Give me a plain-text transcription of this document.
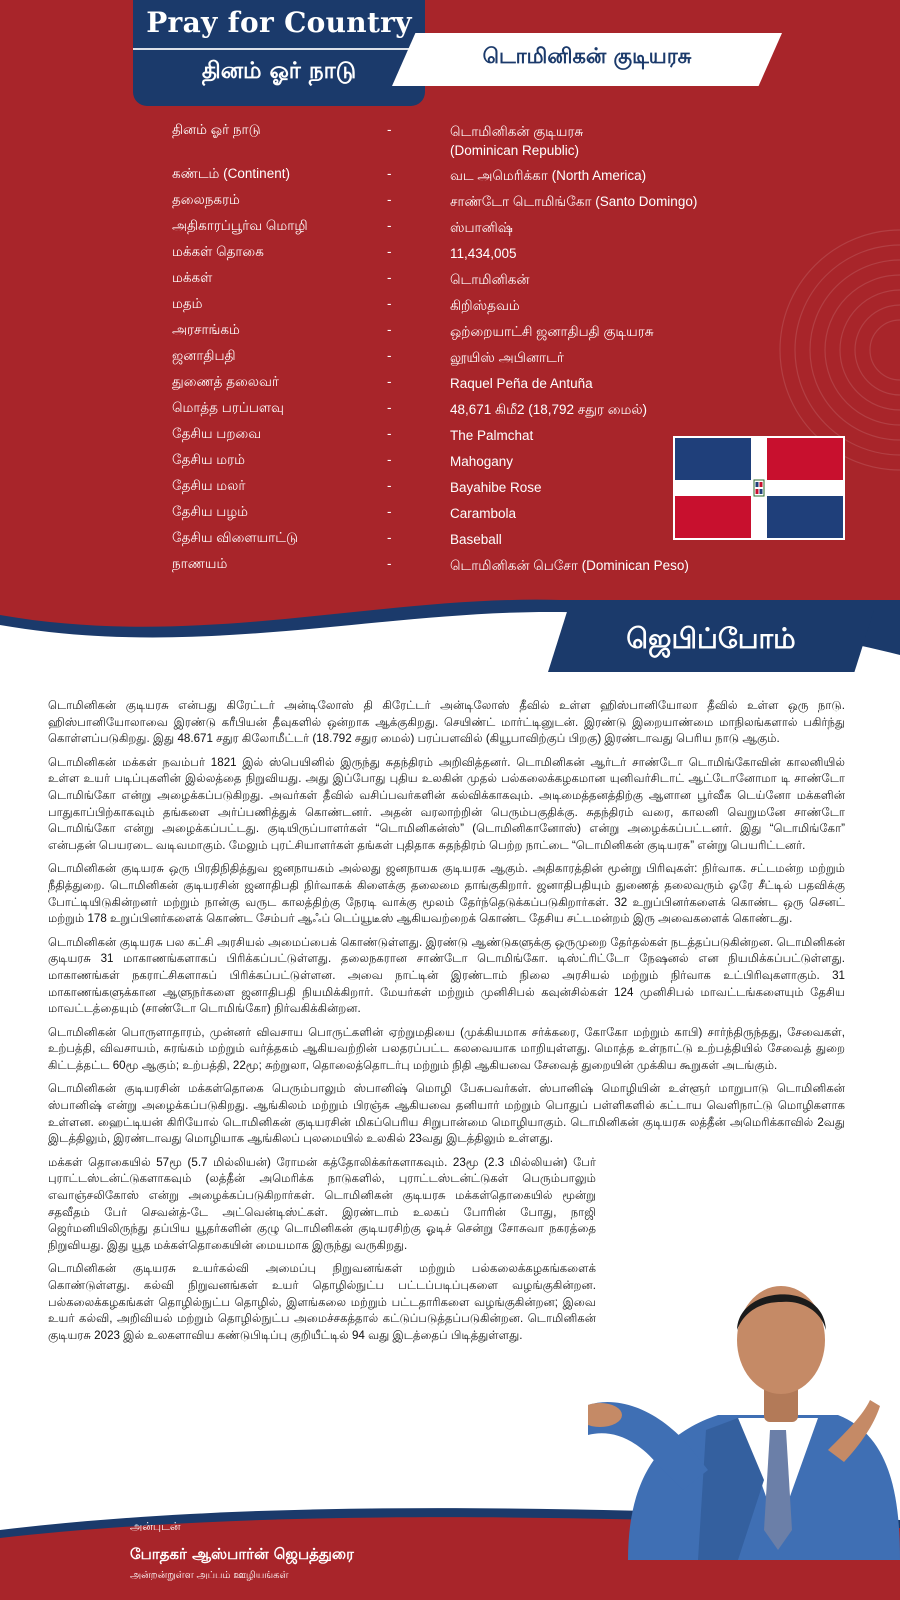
Pray for Country
தினம் ஓர் நாடு
டொமினிகன் குடியரசு
தினம் ஓர் நாடு	-	டொமினிகன் குடியரசு
(Dominican Republic)
கண்டம் (Continent)	-	வட அமெரிக்கா (North America)
தலைநகரம்	-	சாண்டோ டொமிங்கோ (Santo Domingo)
அதிகாரப்பூர்வ மொழி	-	ஸ்பானிஷ்
மக்கள் தொகை	-	11,434,005
மக்கள்	-	டொமினிகன்
மதம்	-	கிறிஸ்தவம்
அரசாங்கம்	-	ஒற்றையாட்சி ஜனாதிபதி குடியரசு
ஜனாதிபதி	-	லூயிஸ் அபினாடர்
துணைத் தலைவர்	-	Raquel Peña de Antuña
மொத்த பரப்பளவு	-	48,671 கிமீ2 (18,792 சதுர மைல்)
தேசிய பறவை	-	The Palmchat
தேசிய மரம்	-	Mahogany
தேசிய மலர்	-	Bayahibe Rose
தேசிய பழம்	-	Carambola
தேசிய விளையாட்டு	-	Baseball
நாணயம்	-	டொமினிகன் பெசோ (Dominican Peso)
ஜெபிப்போம்

டொமினிகன் குடியரசு என்பது கிரேட்டர் அன்டிலோஸ் தி கிரேட்டர் அன்டிலோஸ் தீவில் உள்ள ஹிஸ்பானியோலா தீவில் உள்ள ஒரு நாடு. ஹிஸ்பானியோலாவை இரண்டு கரீபியன் தீவுகளில் ஒன்றாக ஆக்குகிறது. செயிண்ட் மார்ட்டினுடன். இரண்டு இறையாண்மை மாநிலங்களால் பகிர்ந்து கொள்ளப்படுகிறது. இது 48.671 சதுர கிலோமீட்டர் (18.792 சதுர மைல்) பரப்பளவில் (கியூபாவிற்குப் பிறகு) இரண்டாவது பெரிய நாடு ஆகும்.

டொமினிகன் மக்கள் நவம்பர் 1821 இல் ஸ்பெயினில் இருந்து சுதந்திரம் அறிவித்தனர். டொமினிகன் ஆர்டர் சாண்டோ டொமிங்கோவின் காலனியில் உள்ள உயர் படிப்புகளின் இல்லத்தை நிறுவியது. அது இப்போது புதிய உலகின் முதல் பல்கலைக்கழகமான யுனிவர்சிடாட் ஆட்டோனோமா டி சாண்டோ டொமிங்கோ என்று அழைக்கப்படுகிறது. அவர்கள் தீவில் வசிப்பவர்களின் கல்விக்காகவும். அடிமைத்தனத்திற்கு ஆளான பூர்வீக டெய்னோ மக்களின் பாதுகாப்பிற்காகவும் தங்களை அர்ப்பணித்துக் கொண்டனர். அதன் வரலாற்றின் பெரும்பகுதிக்கு. சுதந்திரம் வரை, காலனி வெறுமனே சாண்டோ டொமிங்கோ என்று அழைக்கப்பட்டது. குடியிருப்பாளர்கள் “டொமினிகன்ஸ்” (டொமினிகானோஸ்) என்று அழைக்கப்பட்டனர். இது “டொமிங்கோ” என்பதன் பெயரடை வடிவமாகும். மேலும் புரட்சியாளர்கள் தங்கள் புதிதாக சுதந்திரம் பெற்ற நாட்டை “டொமினிகன் குடியரசு” என்று பெயரிட்டனர்.

டொமினிகன் குடியரசு ஒரு பிரதிநிதித்துவ ஜனநாயகம் அல்லது ஜனநாயக குடியரசு ஆகும். அதிகாரத்தின் மூன்று பிரிவுகள்: நிர்வாக. சட்டமன்ற மற்றும் நீதித்துறை. டொமினிகன் குடியரசின் ஜனாதிபதி நிர்வாகக் கிளைக்கு தலைமை தாங்குகிறார். ஜனாதிபதியும் துணைத் தலைவரும் ஒரே சீட்டில் பதவிக்கு போட்டியிடுகின்றனர் மற்றும் நான்கு வருட காலத்திற்கு நேரடி வாக்கு மூலம் தேர்ந்தெடுக்கப்படுகிறார்கள். 32 உறுப்பினர்களைக் கொண்ட ஒரு செனட் மற்றும் 178 உறுப்பினர்களைக் கொண்ட சேம்பர் ஆஃப் டெப்யூடீஸ் ஆகியவற்றைக் கொண்ட தேசிய சட்டமன்றம் இரு அவைகளைக் கொண்டது.

டொமினிகன் குடியரசு பல கட்சி அரசியல் அமைப்பைக் கொண்டுள்ளது. இரண்டு ஆண்டுகளுக்கு ஒருமுறை தேர்தல்கள் நடத்தப்படுகின்றன. டொமினிகன் குடியரசு 31 மாகாணங்களாகப் பிரிக்கப்பட்டுள்ளது. தலைநகரான சாண்டோ டொமிங்கோ. டிஸ்ட்ரிட்டோ நேஷனல் என நியமிக்கப்பட்டுள்ளது. மாகாணங்கள் நகராட்சிகளாகப் பிரிக்கப்பட்டுள்ளன. அவை நாட்டின் இரண்டாம் நிலை அரசியல் மற்றும் நிர்வாக உட்பிரிவுகளாகும். 31 மாகாணங்களுக்கான ஆளுநர்களை ஜனாதிபதி நியமிக்கிறார். மேயர்கள் மற்றும் முனிசிபல் கவுன்சில்கள் 124 முனிசிபல் மாவட்டங்களையும் தேசிய மாவட்டத்தையும் (சாண்டோ டொமிங்கோ) நிர்வகிக்கின்றன.

டொமினிகன் பொருளாதாரம், முன்னர் விவசாய பொருட்களின் ஏற்றுமதியை (முக்கியமாக சர்க்கரை, கோகோ மற்றும் காபி) சார்ந்திருந்தது, சேவைகள், உற்பத்தி, விவசாயம், சுரங்கம் மற்றும் வர்த்தகம் ஆகியவற்றின் பலதரப்பட்ட கலவையாக மாறியுள்ளது. மொத்த உள்நாட்டு உற்பத்தியில் சேவைத் துறை கிட்டத்தட்ட 60மூ ஆகும்; உற்பத்தி, 22மூ; சுற்றுலா, தொலைத்தொடர்பு மற்றும் நிதி ஆகியவை சேவைத் துறையின் முக்கிய கூறுகள் அடங்கும்.

டொமினிகன் குடியரசின் மக்கள்தொகை பெரும்பாலும் ஸ்பானிஷ் மொழி பேசுபவர்கள். ஸ்பானிஷ் மொழியின் உள்ளூர் மாறுபாடு டொமினிகன் ஸ்பானிஷ் என்று அழைக்கப்படுகிறது. ஆங்கிலம் மற்றும் பிரஞ்சு ஆகியவை தனியார் மற்றும் பொதுப் பள்ளிகளில் கட்டாய வெளிநாட்டு மொழிகளாக உள்ளன. ஹைட்டியன் கிரியோல் டொமினிகன் குடியரசின் மிகப்பெரிய சிறுபான்மை மொழியாகும். டொமினிகன் குடியரசு லத்தீன் அமெரிக்காவில் 2வது இடத்திலும், இரண்டாவது மொழியாக ஆங்கிலப் புலமையில் உலகில் 23வது இடத்திலும் உள்ளது.

மக்கள் தொகையில் 57மூ (5.7 மில்லியன்) ரோமன் கத்தோலிக்கர்களாகவும். 23மூ (2.3 மில்லியன்) பேர் புராட்டஸ்டன்ட்டுகளாகவும் (லத்தீன் அமெரிக்க நாடுகளில், புராட்டஸ்டன்ட்டுகள் பெரும்பாலும் எவாஞ்சலிகோஸ் என்று அழைக்கப்படுகிறார்கள். டொமினிகன் குடியரசு மக்கள்தொகையில் மூன்று சதவீதம் பேர் செவன்த்-டே அட்வென்டிஸ்ட்கள். இரண்டாம் உலகப் போரின் போது, நாஜி ஜெர்மனியிலிருந்து தப்பிய யூதர்களின் குழு டொமினிகன் குடியரசிற்கு ஓடிச் சென்று சோசுவா நகரத்தை நிறுவியது. இது யூத மக்கள்தொகையின் மையமாக இருந்து வருகிறது.

டொமினிகன் குடியரசு உயர்கல்வி அமைப்பு நிறுவனங்கள் மற்றும் பல்கலைக்கழகங்களைக் கொண்டுள்ளது. கல்வி நிறுவனங்கள் உயர் தொழில்நுட்ப பட்டப்படிப்புகளை வழங்குகின்றன. பல்கலைக்கழகங்கள் தொழில்நுட்ப தொழில், இளங்கலை மற்றும் பட்டதாரிகளை வழங்குகின்றன; இவை உயர் கல்வி, அறிவியல் மற்றும் தொழில்நுட்ப அமைச்சகத்தால் கட்டுப்படுத்தப்படுகின்றன. டொமினிகன் குடியரசு 2023 இல் உலகளாவிய கண்டுபிடிப்பு குறியீட்டில் 94 வது இடத்தைப் பிடித்துள்ளது.

அன்புடன்
போதகர் ஆஸ்பார்ன் ஜெபத்துரை
அன்றன்றுள்ள அப்பம் ஊழியங்கள்
